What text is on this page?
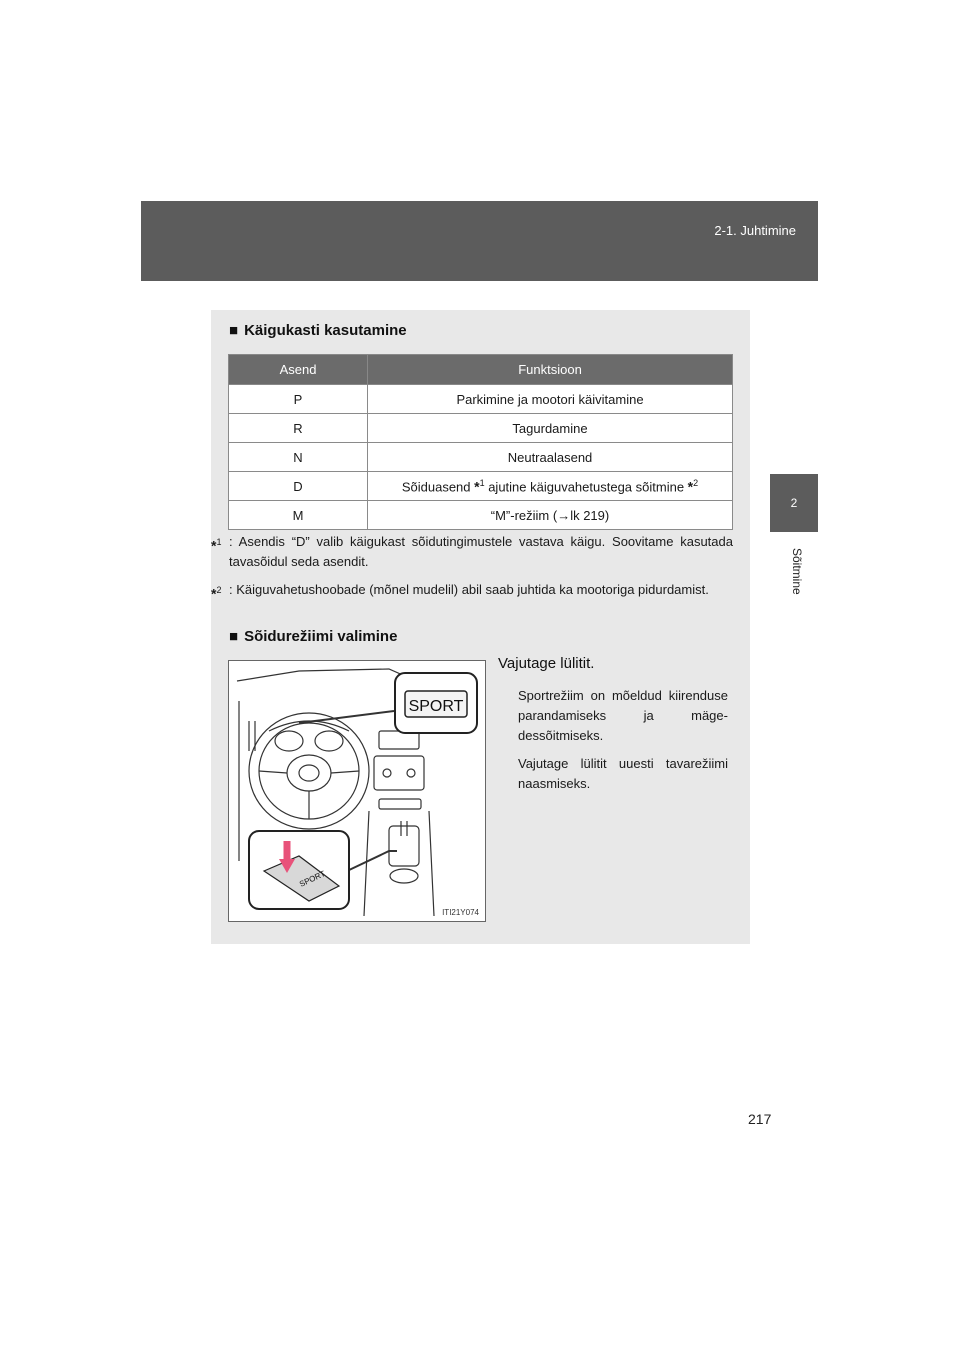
2-1. Juhtimine
2
Sõitmine
■ Käigukasti kasutamine
Asend	Funktsioon
P	Parkimine ja mootori käivitamine
R	Tagurdamine
N	Neutraalasend
D	Sõiduasend *$^1$ ajutine käiguvahetustega sõitmine *$^2$
M	“M”-režiim (→lk 219)
*$^1$ : Asendis “D” valib käigukast sõidutingimustele vastava käigu. Soovitame kasutada tavasõidul seda asendit.
*$^2$ : Käiguvahetushoobade (mõnel mudelil) abil saab juhtida ka mootoriga pidurdamist.
■ Sõidurežiimi valimine
SPORT
SPORT
ITI21Y074
Vajutage lülitit.
Sportrežiim on mõeldud kiirenduse parandamiseks ja mägedessõitmiseks.
Vajutage lülitit uuesti tavarežiimi naasmiseks.
217
